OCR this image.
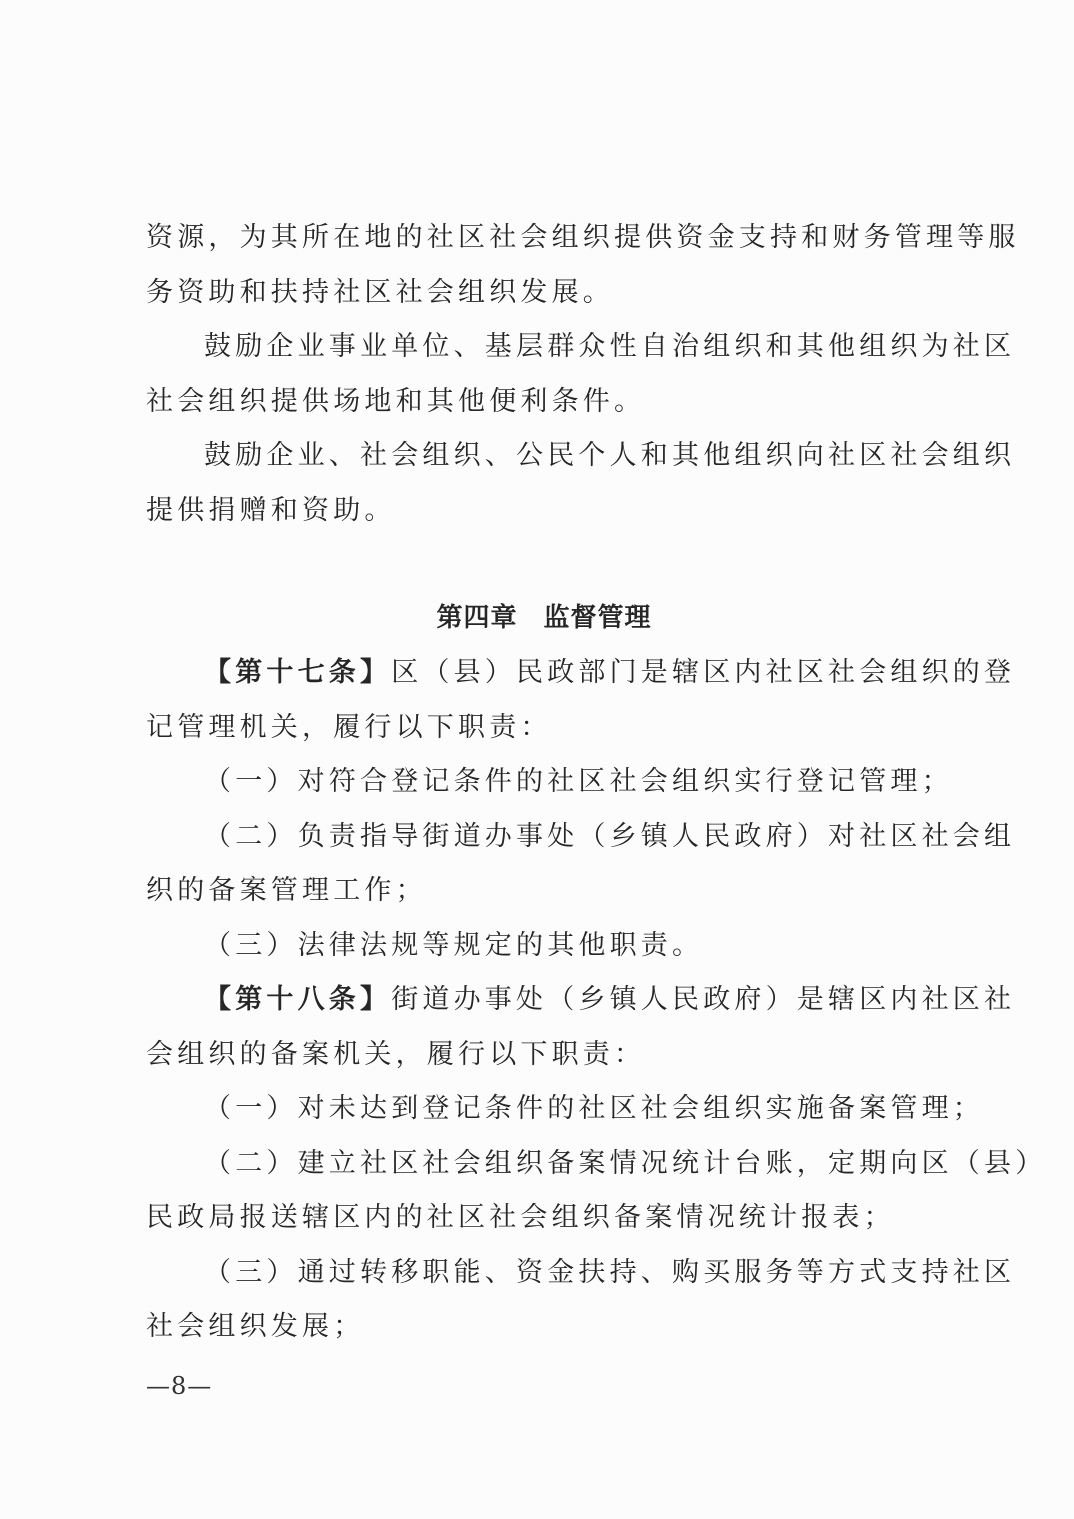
资源，为其所在地的社区社会组织提供资金支持和财务管理等服
务资助和扶持社区社会组织发展。
鼓励企业事业单位、基层群众性自治组织和其他组织为社区
社会组织提供场地和其他便利条件。
鼓励企业、社会组织、公民个人和其他组织向社区社会组织
提供捐赠和资助。
第四章 监督管理
【第十七条】区（县）民政部门是辖区内社区社会组织的登
记管理机关，履行以下职责：
（一）对符合登记条件的社区社会组织实行登记管理；
（二）负责指导街道办事处（乡镇人民政府）对社区社会组
织的备案管理工作；
（三）法律法规等规定的其他职责。
【第十八条】街道办事处（乡镇人民政府）是辖区内社区社
会组织的备案机关，履行以下职责：
（一）对未达到登记条件的社区社会组织实施备案管理；
（二）建立社区社会组织备案情况统计台账，定期向区（县）
民政局报送辖区内的社区社会组织备案情况统计报表；
（三）通过转移职能、资金扶持、购买服务等方式支持社区
社会组织发展；
—8—
